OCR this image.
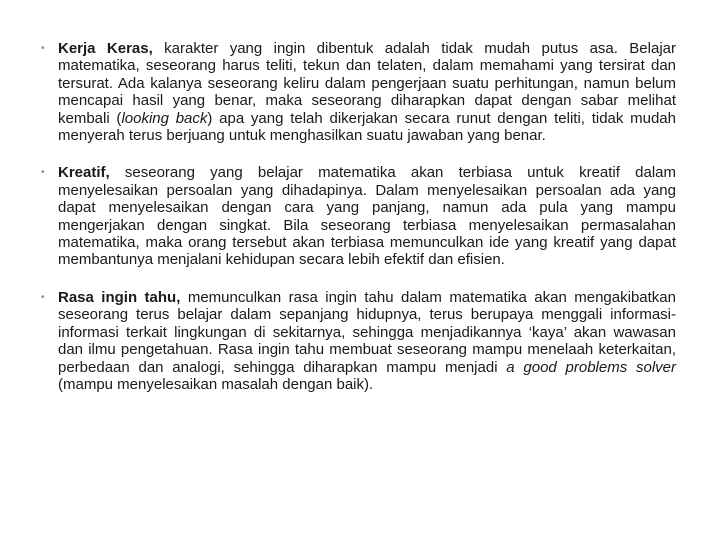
• Kerja Keras, karakter yang ingin dibentuk adalah tidak mudah putus asa. Belajar matematika, seseorang harus teliti, tekun dan telaten, dalam memahami yang tersirat dan tersurat. Ada kalanya seseorang keliru dalam pengerjaan suatu perhitungan, namun belum mencapai hasil yang benar, maka seseorang diharapkan dapat dengan sabar melihat kembali (looking back) apa yang telah dikerjakan secara runut dengan teliti, tidak mudah menyerah terus berjuang untuk menghasilkan suatu jawaban yang benar.
• Kreatif, seseorang yang belajar matematika akan terbiasa untuk kreatif dalam menyelesaikan persoalan yang dihadapinya. Dalam menyelesaikan persoalan ada yang dapat menyelesaikan dengan cara yang panjang, namun ada pula yang mampu mengerjakan dengan singkat. Bila seseorang terbiasa menyelesaikan permasalahan matematika, maka orang tersebut akan terbiasa memunculkan ide yang kreatif yang dapat membantunya menjalani kehidupan secara lebih efektif dan efisien.
• Rasa ingin tahu, memunculkan rasa ingin tahu dalam matematika akan mengakibatkan seseorang terus belajar dalam sepanjang hidupnya, terus berupaya menggali informasi-informasi terkait lingkungan di sekitarnya, sehingga menjadikannya ‘kaya’ akan wawasan dan ilmu pengetahuan. Rasa ingin tahu membuat seseorang mampu menelaah keterkaitan, perbedaan dan analogi, sehingga diharapkan mampu menjadi a good problems solver (mampu menyelesaikan masalah dengan baik).
